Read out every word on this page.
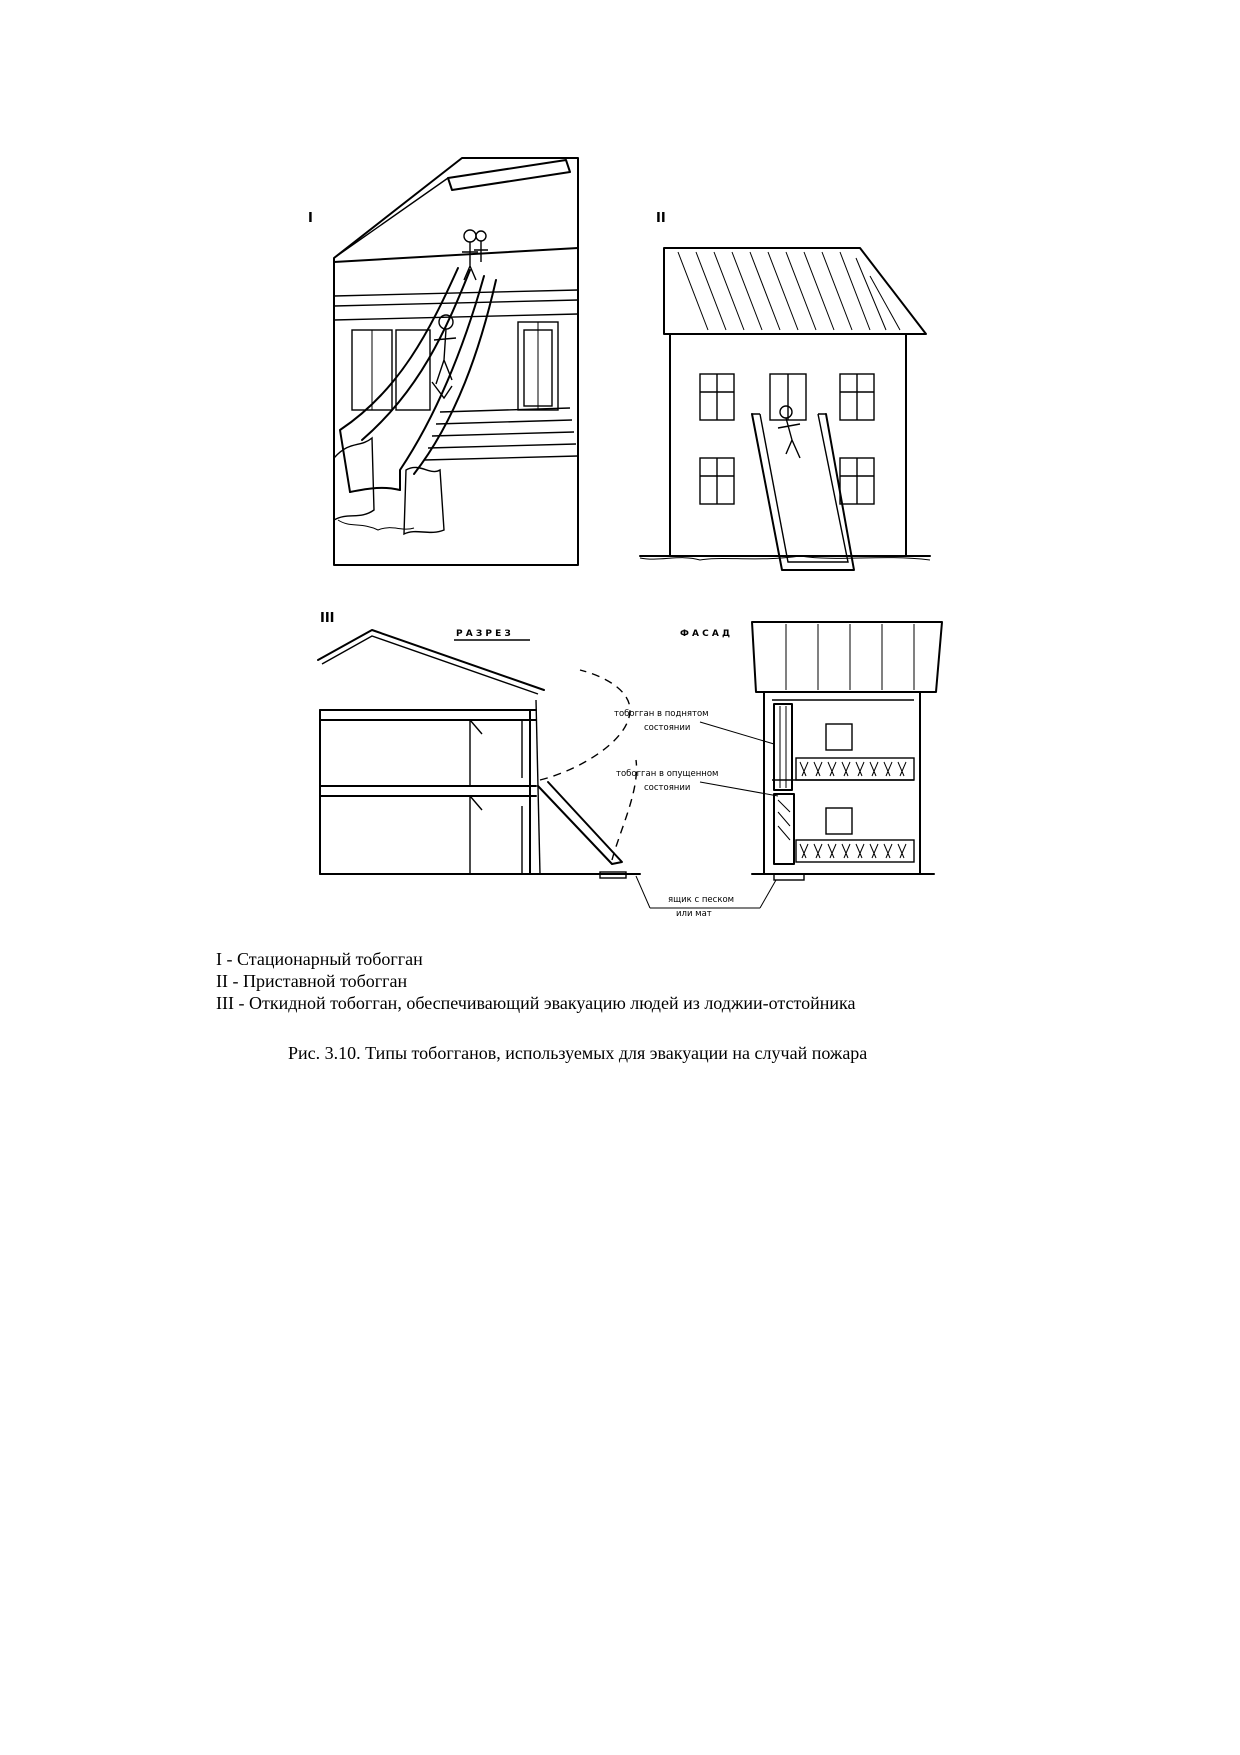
I	II
III
Р А З Р Е З	Ф А С А Д
тобогган в поднятом
состоянии
тобогган в опущенном
состоянии
ящик с песком
или мат
I - Стационарный тобогган
II - Приставной тобогган
III - Откидной тобогган, обеспечивающий эвакуацию людей из лоджии-отстойника
Рис. 3.10. Типы тобогганов, используемых для эвакуации на случай пожара
